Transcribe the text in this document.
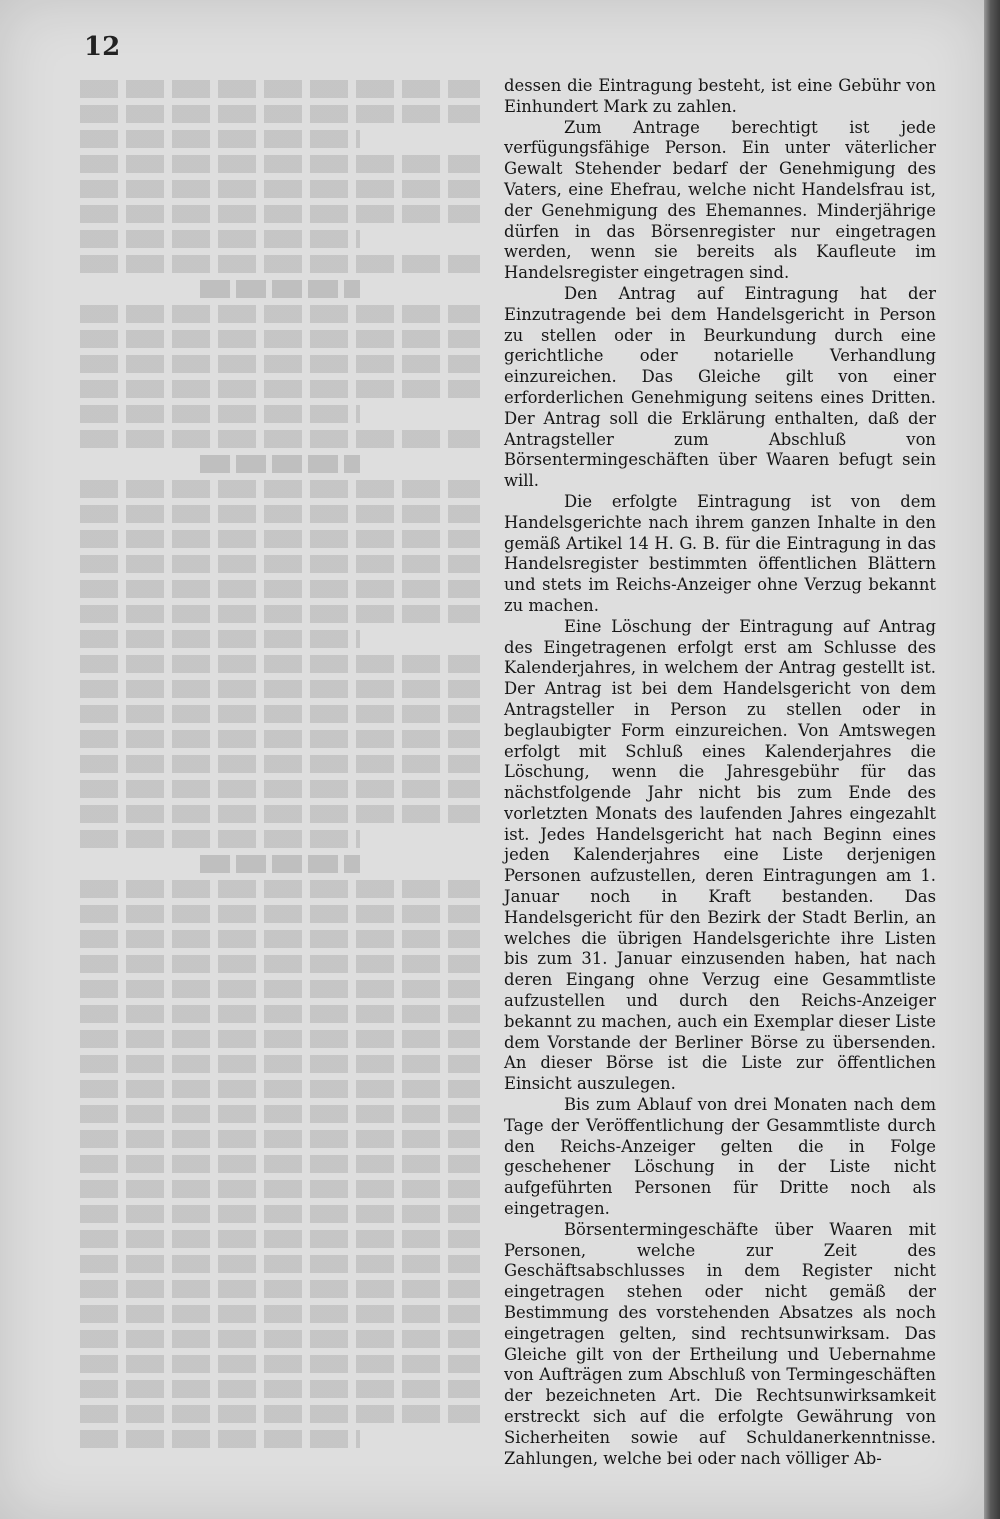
12

dessen die Eintragung besteht, ist eine Gebühr von Einhundert Mark zu zahlen.

Zum Antrage berechtigt ist jede verfügungsfähige Person. Ein unter väterlicher Gewalt Stehender bedarf der Genehmigung des Vaters, eine Ehefrau, welche nicht Handelsfrau ist, der Genehmigung des Ehemannes. Minderjährige dürfen in das Börsenregister nur eingetragen werden, wenn sie bereits als Kaufleute im Handelsregister eingetragen sind.

Den Antrag auf Eintragung hat der Einzutragende bei dem Handelsgericht in Person zu stellen oder in Beurkundung durch eine gerichtliche oder notarielle Verhandlung einzureichen. Das Gleiche gilt von einer erforderlichen Genehmigung seitens eines Dritten. Der Antrag soll die Erklärung enthalten, daß der Antragsteller zum Abschluß von Börsentermingeschäften über Waaren befugt sein will.

Die erfolgte Eintragung ist von dem Handelsgerichte nach ihrem ganzen Inhalte in den gemäß Artikel 14 H. G. B. für die Eintragung in das Handelsregister bestimmten öffentlichen Blättern und stets im Reichs-Anzeiger ohne Verzug bekannt zu machen.

Eine Löschung der Eintragung auf Antrag des Eingetragenen erfolgt erst am Schlusse des Kalenderjahres, in welchem der Antrag gestellt ist. Der Antrag ist bei dem Handelsgericht von dem Antragsteller in Person zu stellen oder in beglaubigter Form einzureichen. Von Amtswegen erfolgt mit Schluß eines Kalenderjahres die Löschung, wenn die Jahresgebühr für das nächstfolgende Jahr nicht bis zum Ende des vorletzten Monats des laufenden Jahres eingezahlt ist. Jedes Handelsgericht hat nach Beginn eines jeden Kalenderjahres eine Liste derjenigen Personen aufzustellen, deren Eintragungen am 1. Januar noch in Kraft bestanden. Das Handelsgericht für den Bezirk der Stadt Berlin, an welches die übrigen Handelsgerichte ihre Listen bis zum 31. Januar einzusenden haben, hat nach deren Eingang ohne Verzug eine Gesammtliste aufzustellen und durch den Reichs-Anzeiger bekannt zu machen, auch ein Exemplar dieser Liste dem Vorstande der Berliner Börse zu übersenden. An dieser Börse ist die Liste zur öffentlichen Einsicht auszulegen.

Bis zum Ablauf von drei Monaten nach dem Tage der Veröffentlichung der Gesammtliste durch den Reichs-Anzeiger gelten die in Folge geschehener Löschung in der Liste nicht aufgeführten Personen für Dritte noch als eingetragen.

Börsentermingeschäfte über Waaren mit Personen, welche zur Zeit des Geschäftsabschlusses in dem Register nicht eingetragen stehen oder nicht gemäß der Bestimmung des vorstehenden Absatzes als noch eingetragen gelten, sind rechtsunwirksam. Das Gleiche gilt von der Ertheilung und Uebernahme von Aufträgen zum Abschluß von Termingeschäften der bezeichneten Art. Die Rechtsunwirksamkeit erstreckt sich auf die erfolgte Gewährung von Sicherheiten sowie auf Schuldanerkenntnisse. Zahlungen, welche bei oder nach völliger Ab-
